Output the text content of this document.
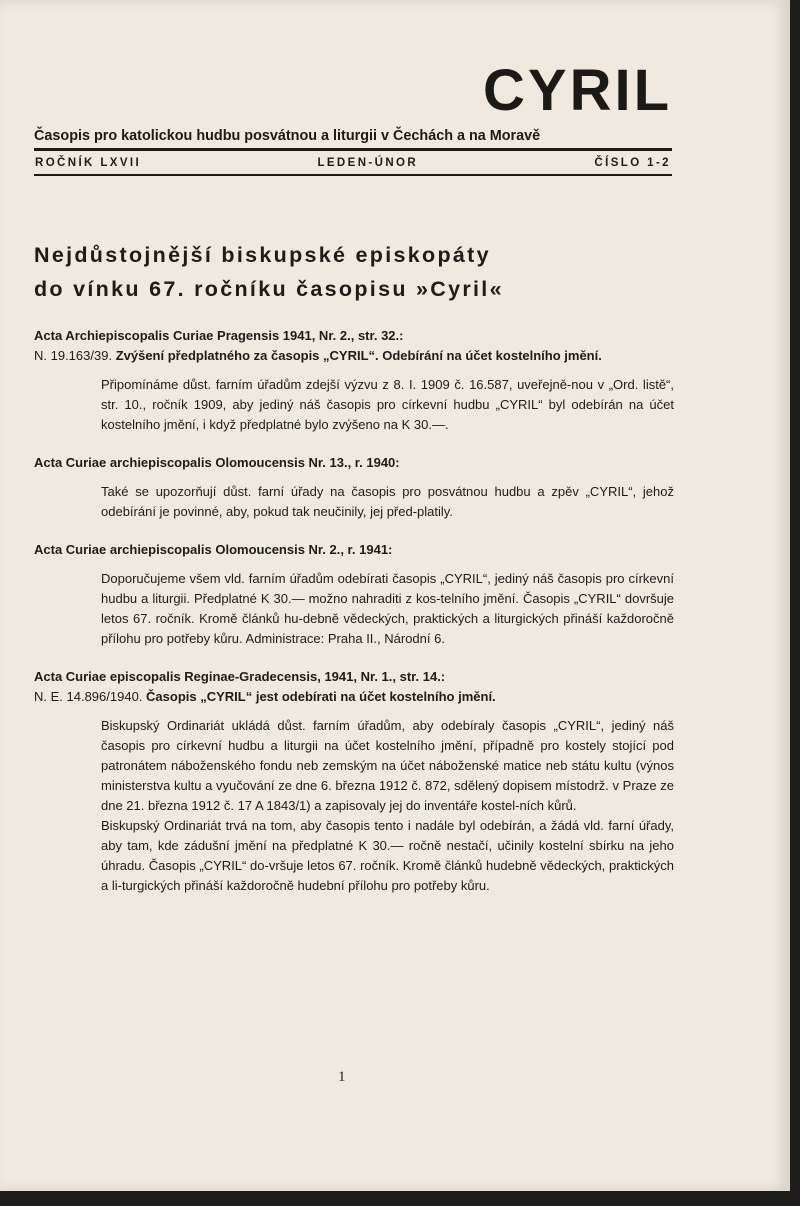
CYRIL
Časopis pro katolickou hudbu posvátnou a liturgii v Čechách a na Moravě
ROČNÍK LXVII	LEDEN-ÚNOR	ČÍSLO 1-2
Nejdůstojnější biskupské episkopáty
do vínku 67. ročníku časopisu »Cyril«
Acta Archiepiscopalis Curiae Pragensis 1941, Nr. 2., str. 32.:
N. 19.163/39. Zvýšení předplatného za časopis „CYRIL“. Odebírání na účet kostelního jmění.

Připomínáme důst. farním úřadům zdejší výzvu z 8. I. 1909 č. 16.587, uveřejně-nou v „Ord. listě“, str. 10., ročník 1909, aby jediný náš časopis pro církevní hudbu „CYRIL“ byl odebírán na účet kostelního jmění, i když předplatné bylo zvýšeno na K 30.—.

Acta Curiae archiepiscopalis Olomoucensis Nr. 13., r. 1940:

Také se upozorňují důst. farní úřady na časopis pro posvátnou hudbu a zpěv „CYRIL“, jehož odebírání je povinné, aby, pokud tak neučinily, jej před-platily.

Acta Curiae archiepiscopalis Olomoucensis Nr. 2., r. 1941:

Doporučujeme všem vld. farním úřadům odebírati časopis „CYRIL“, jediný náš časopis pro církevní hudbu a liturgii. Předplatné K 30.— možno nahraditi z kos-telního jmění. Časopis „CYRIL“ dovršuje letos 67. ročník. Kromě článků hu-debně vědeckých, praktických a liturgických přináší každoročně přílohu pro potřeby kůru. Administrace: Praha II., Národní 6.

Acta Curiae episcopalis Reginae-Gradecensis, 1941, Nr. 1., str. 14.:
N. E. 14.896/1940. Časopis „CYRIL“ jest odebírati na účet kostelního jmění.

Biskupský Ordinariát ukládá důst. farním úřadům, aby odebíraly časopis „CYRIL“, jediný náš časopis pro církevní hudbu a liturgii na účet kostelního jmění, případně pro kostely stojící pod patronátem náboženského fondu neb zemským na účet náboženské matice neb státu kultu (výnos ministerstva kultu a vyučování ze dne 6. března 1912 č. 872, sdělený dopisem místodrž. v Praze ze dne 21. března 1912 č. 17 A 1843/1) a zapisovaly jej do inventáře kostel-ních kůrů.

Biskupský Ordinariát trvá na tom, aby časopis tento i nadále byl odebírán, a žádá vld. farní úřady, aby tam, kde zádušní jmění na předplatné K 30.— ročně nestačí, učinily kostelní sbírku na jeho úhradu. Časopis „CYRIL“ do-vršuje letos 67. ročník. Kromě článků hudebně vědeckých, praktických a li-turgických přináší každoročně hudební přílohu pro potřeby kůru.

1
